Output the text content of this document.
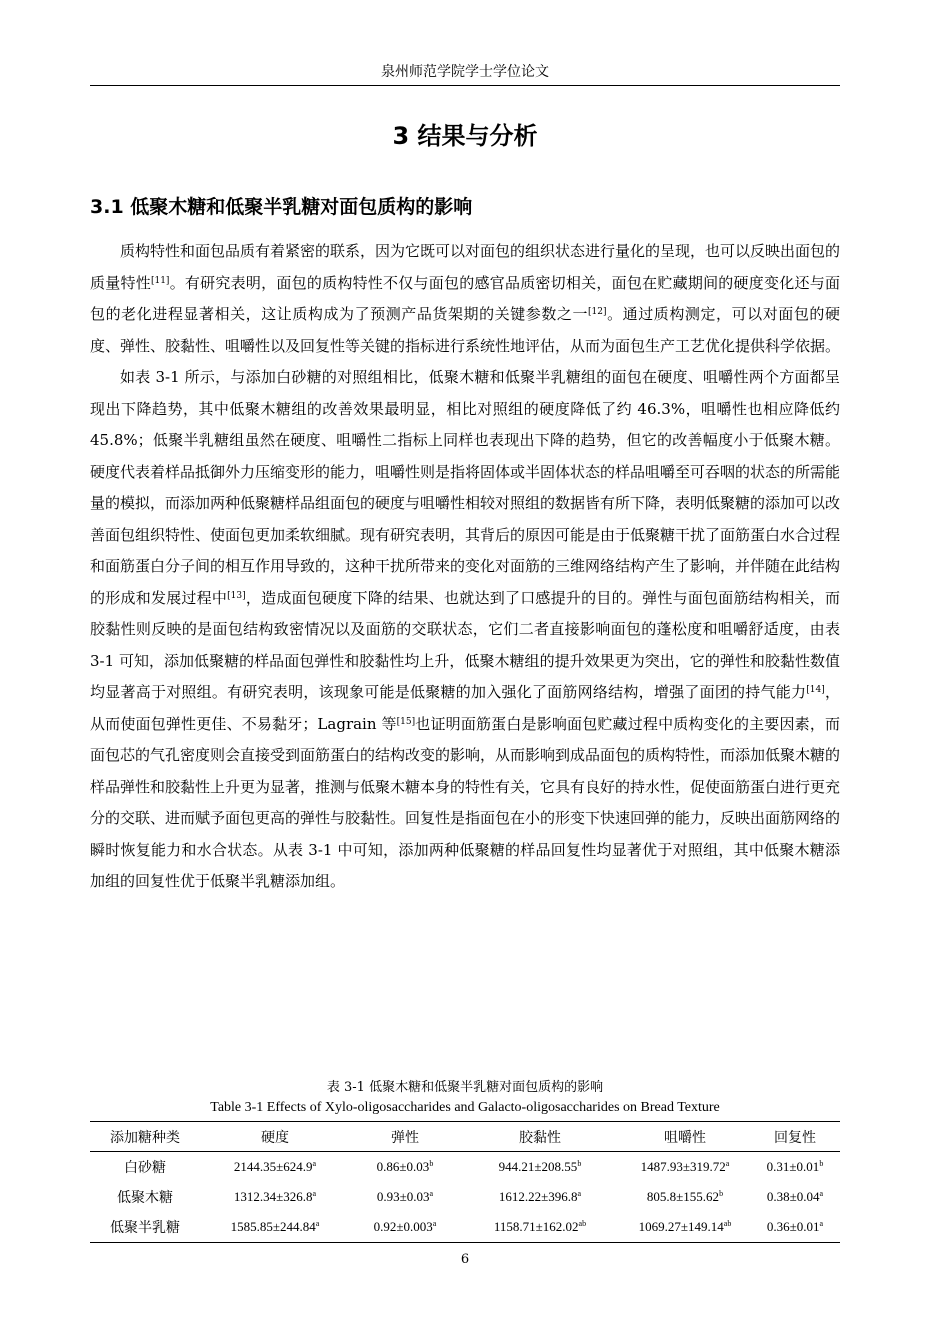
泉州师范学院学士学位论文
3 结果与分析
3.1 低聚木糖和低聚半乳糖对面包质构的影响

质构特性和面包品质有着紧密的联系，因为它既可以对面包的组织状态进行量化的呈现，也可以反映出面包的质量特性[11]。有研究表明，面包的质构特性不仅与面包的感官品质密切相关，面包在贮藏期间的硬度变化还与面包的老化进程显著相关，这让质构成为了预测产品货架期的关键参数之一[12]。通过质构测定，可以对面包的硬度、弹性、胶黏性、咀嚼性以及回复性等关键的指标进行系统性地评估，从而为面包生产工艺优化提供科学依据。

如表 3-1 所示，与添加白砂糖的对照组相比，低聚木糖和低聚半乳糖组的面包在硬度、咀嚼性两个方面都呈现出下降趋势，其中低聚木糖组的改善效果最明显，相比对照组的硬度降低了约 46.3%，咀嚼性也相应降低约 45.8%；低聚半乳糖组虽然在硬度、咀嚼性二指标上同样也表现出下降的趋势，但它的改善幅度小于低聚木糖。硬度代表着样品抵御外力压缩变形的能力，咀嚼性则是指将固体或半固体状态的样品咀嚼至可吞咽的状态的所需能量的模拟，而添加两种低聚糖样品组面包的硬度与咀嚼性相较对照组的数据皆有所下降，表明低聚糖的添加可以改善面包组织特性、使面包更加柔软细腻。现有研究表明，其背后的原因可能是由于低聚糖干扰了面筋蛋白水合过程和面筋蛋白分子间的相互作用导致的，这种干扰所带来的变化对面筋的三维网络结构产生了影响，并伴随在此结构的形成和发展过程中[13]，造成面包硬度下降的结果、也就达到了口感提升的目的。弹性与面包面筋结构相关，而胶黏性则反映的是面包结构致密情况以及面筋的交联状态，它们二者直接影响面包的蓬松度和咀嚼舒适度，由表 3-1 可知，添加低聚糖的样品面包弹性和胶黏性均上升，低聚木糖组的提升效果更为突出，它的弹性和胶黏性数值均显著高于对照组。有研究表明，该现象可能是低聚糖的加入强化了面筋网络结构，增强了面团的持气能力[14]，从而使面包弹性更佳、不易黏牙；Lagrain 等[15]也证明面筋蛋白是影响面包贮藏过程中质构变化的主要因素，而面包芯的气孔密度则会直接受到面筋蛋白的结构改变的影响，从而影响到成品面包的质构特性，而添加低聚木糖的样品弹性和胶黏性上升更为显著，推测与低聚木糖本身的特性有关，它具有良好的持水性，促使面筋蛋白进行更充分的交联、进而赋予面包更高的弹性与胶黏性。回复性是指面包在小的形变下快速回弹的能力，反映出面筋网络的瞬时恢复能力和水合状态。从表 3-1 中可知，添加两种低聚糖的样品回复性均显著优于对照组，其中低聚木糖添加组的回复性优于低聚半乳糖添加组。

表 3-1 低聚木糖和低聚半乳糖对面包质构的影响
Table 3-1 Effects of Xylo-oligosaccharides and Galacto-oligosaccharides on Bread Texture
添加糖种类	硬度	弹性	胶黏性	咀嚼性	回复性
白砂糖	2144.35±624.9$^a$	0.86±0.03$^b$	944.21±208.55$^b$	1487.93±319.72$^a$	0.31±0.01$^b$
低聚木糖	1312.34±326.8$^a$	0.93±0.03$^a$	1612.22±396.8$^a$	805.8±155.62$^b$	0.38±0.04$^a$
低聚半乳糖	1585.85±244.84$^a$	0.92±0.003$^a$	1158.71±162.02$^{ab}$	1069.27±149.14$^{ab}$	0.36±0.01$^a$
6
